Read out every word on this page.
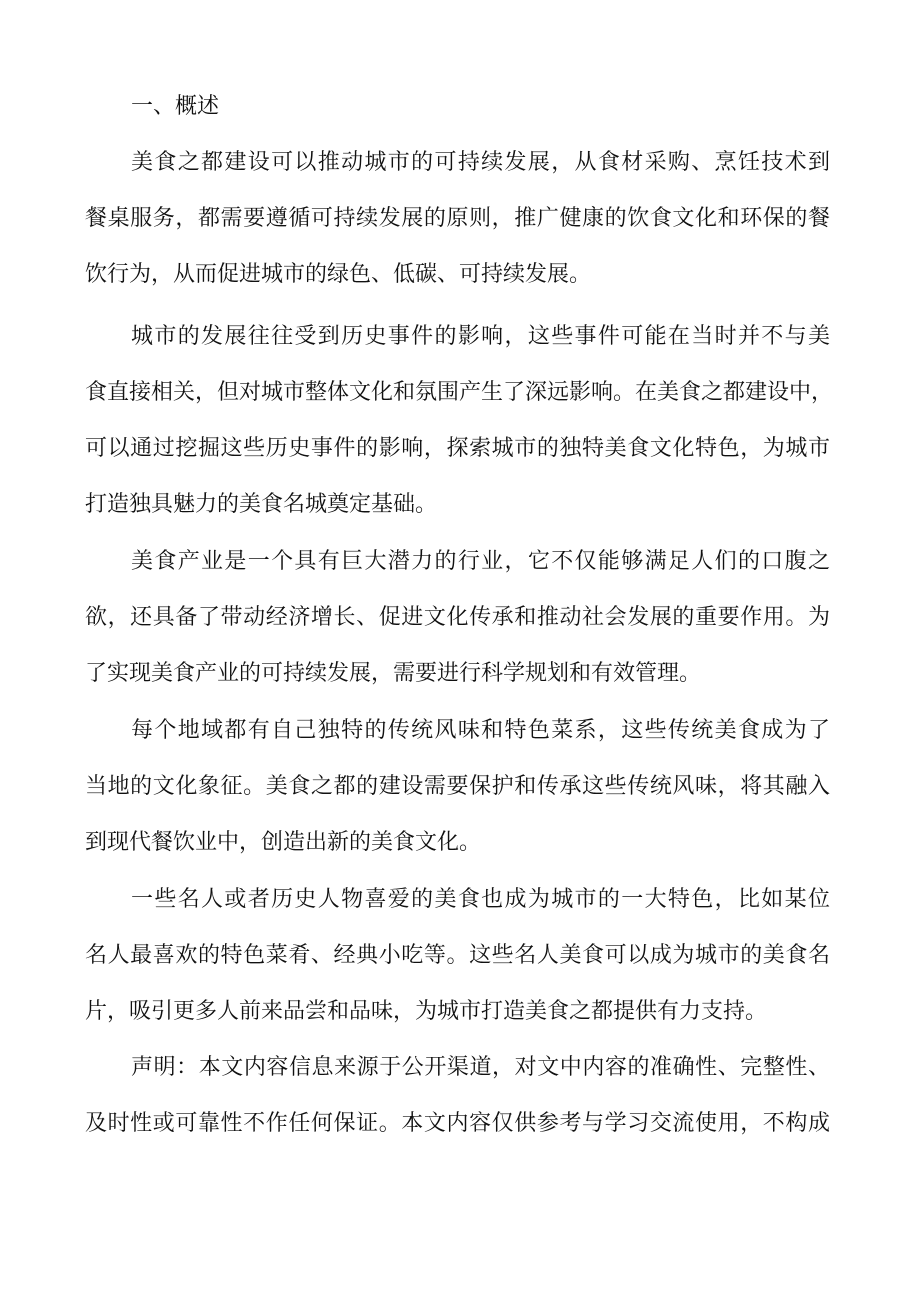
一、概述
美食之都建设可以推动城市的可持续发展，从食材采购、烹饪技术到
餐桌服务，都需要遵循可持续发展的原则，推广健康的饮食文化和环保的餐
饮行为，从而促进城市的绿色、低碳、可持续发展。
城市的发展往往受到历史事件的影响，这些事件可能在当时并不与美
食直接相关，但对城市整体文化和氛围产生了深远影响。在美食之都建设中，
可以通过挖掘这些历史事件的影响，探索城市的独特美食文化特色，为城市
打造独具魅力的美食名城奠定基础。
美食产业是一个具有巨大潜力的行业，它不仅能够满足人们的口腹之
欲，还具备了带动经济增长、促进文化传承和推动社会发展的重要作用。为
了实现美食产业的可持续发展，需要进行科学规划和有效管理。
每个地域都有自己独特的传统风味和特色菜系，这些传统美食成为了
当地的文化象征。美食之都的建设需要保护和传承这些传统风味，将其融入
到现代餐饮业中，创造出新的美食文化。
一些名人或者历史人物喜爱的美食也成为城市的一大特色，比如某位
名人最喜欢的特色菜肴、经典小吃等。这些名人美食可以成为城市的美食名
片，吸引更多人前来品尝和品味，为城市打造美食之都提供有力支持。
声明：本文内容信息来源于公开渠道，对文中内容的准确性、完整性、
及时性或可靠性不作任何保证。本文内容仅供参考与学习交流使用，不构成
